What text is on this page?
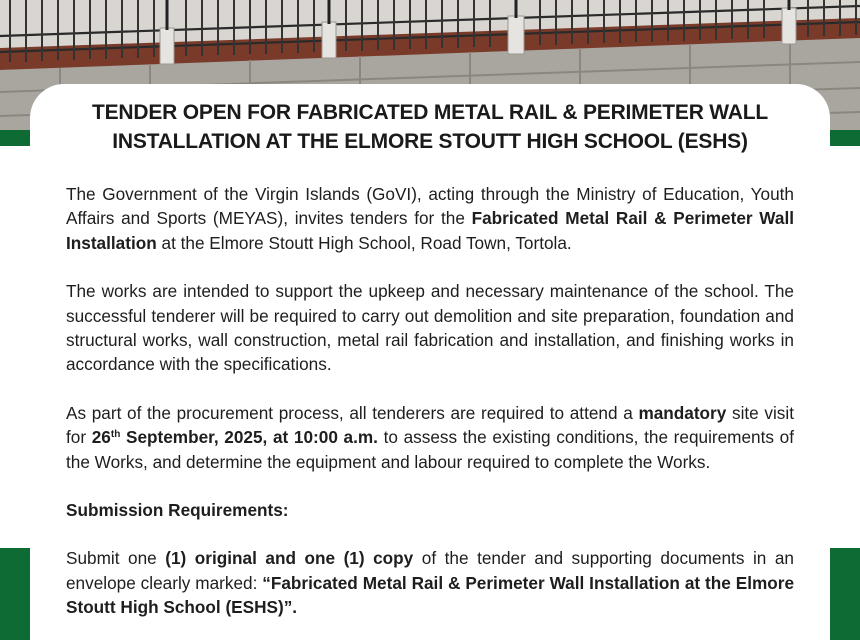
TENDER OPEN FOR FABRICATED METAL RAIL & PERIMETER WALL
INSTALLATION AT THE ELMORE STOUTT HIGH SCHOOL (ESHS)

The Government of the Virgin Islands (GoVI), acting through the Ministry of Education, Youth Affairs and Sports (MEYAS), invites tenders for the Fabricated Metal Rail & Perimeter Wall Installation at the Elmore Stoutt High School, Road Town, Tortola.

The works are intended to support the upkeep and necessary maintenance of the school. The successful tenderer will be required to carry out demolition and site preparation, foundation and structural works, wall construction, metal rail fabrication and installation, and finishing works in accordance with the specifications.

As part of the procurement process, all tenderers are required to attend a mandatory site visit for 26th September, 2025, at 10:00 a.m. to assess the existing conditions, the requirements of the Works, and determine the equipment and labour required to complete the Works.

Submission Requirements:

Submit one (1) original and one (1) copy of the tender and supporting documents in an envelope clearly marked: “Fabricated Metal Rail & Perimeter Wall Installation at the Elmore Stoutt High School (ESHS)”.
